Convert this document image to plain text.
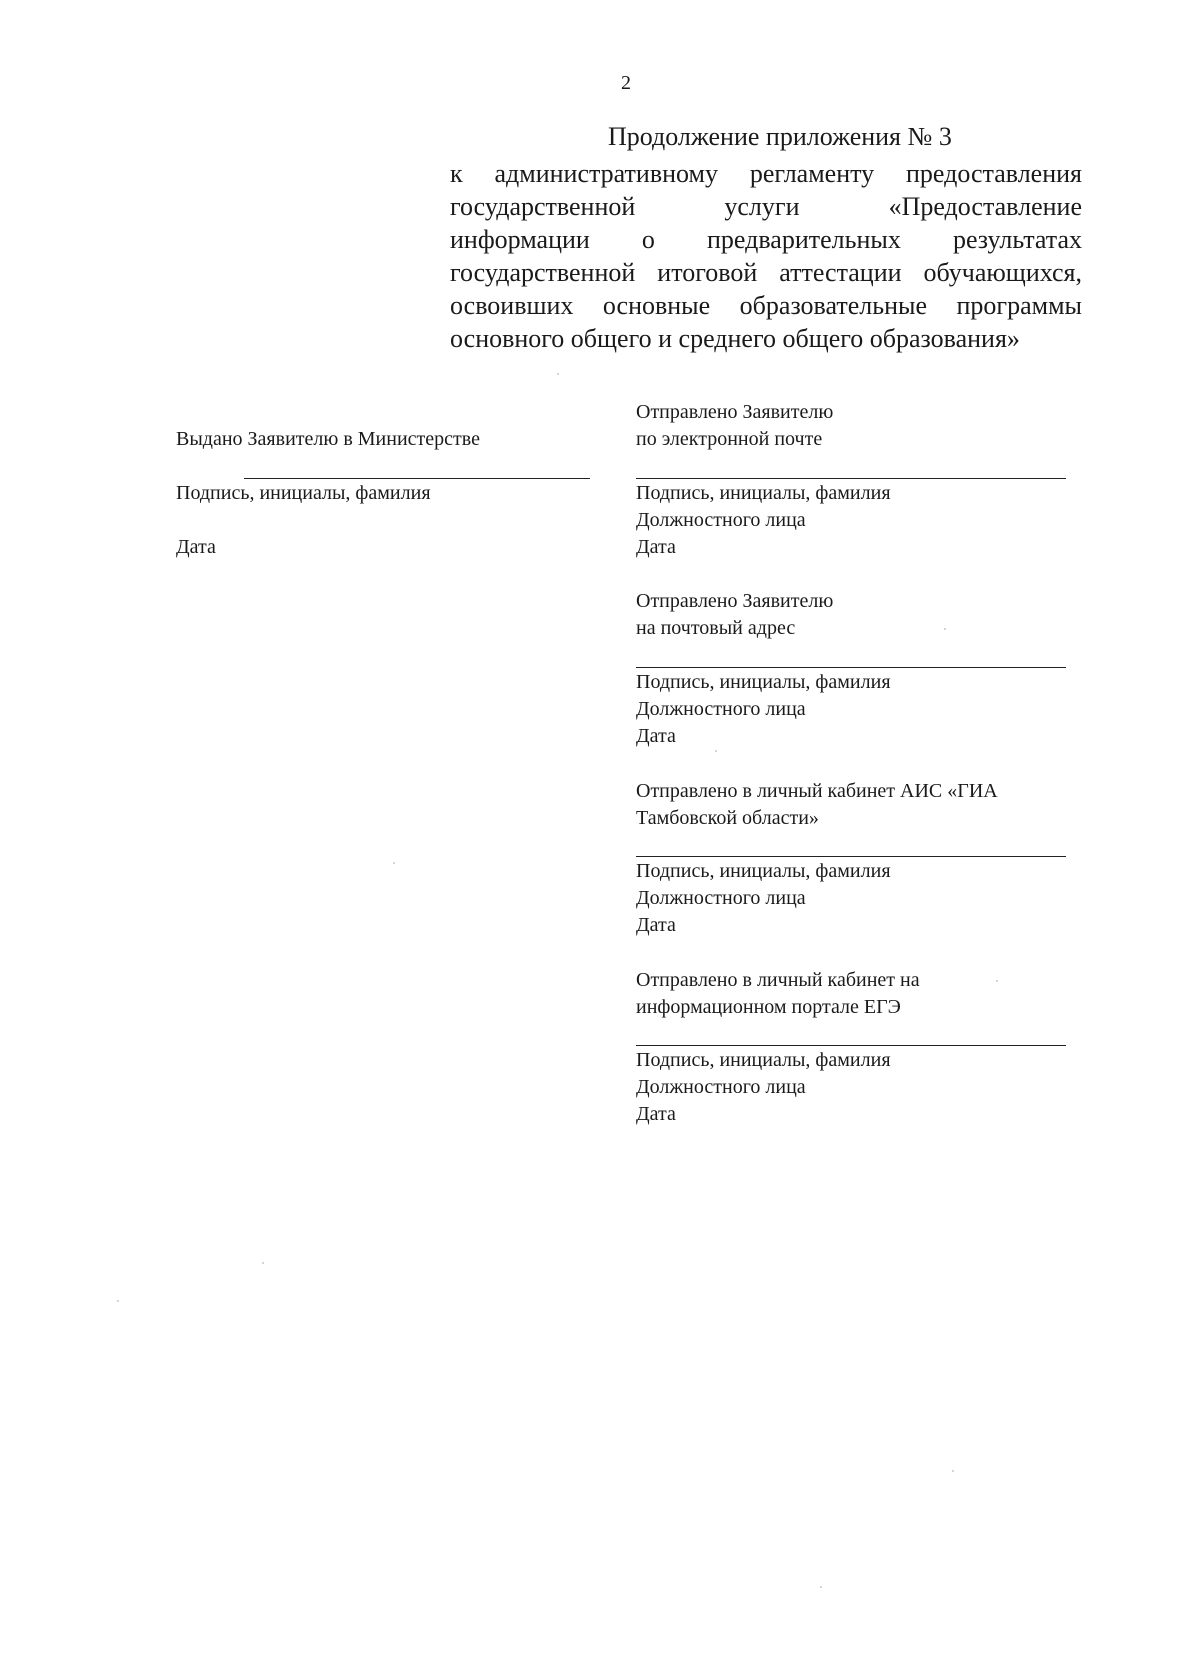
2
Продолжение приложения № 3
к административному регламенту предоставления
государственной услуги «Предоставление
информации о предварительных результатах
государственной итоговой аттестации обучающихся,
освоивших основные образовательные программы
основного общего и среднего общего образования»
Выдано Заявителю в Министерстве
Подпись, инициалы, фамилия
Дата
Отправлено Заявителю
по электронной почте
Подпись, инициалы, фамилия
Должностного лица
Дата
Отправлено Заявителю
на почтовый адрес
Подпись, инициалы, фамилия
Должностного лица
Дата
Отправлено в личный кабинет АИС «ГИА
Тамбовской области»
Подпись, инициалы, фамилия
Должностного лица
Дата
Отправлено в личный кабинет на
информационном портале ЕГЭ
Подпись, инициалы, фамилия
Должностного лица
Дата
